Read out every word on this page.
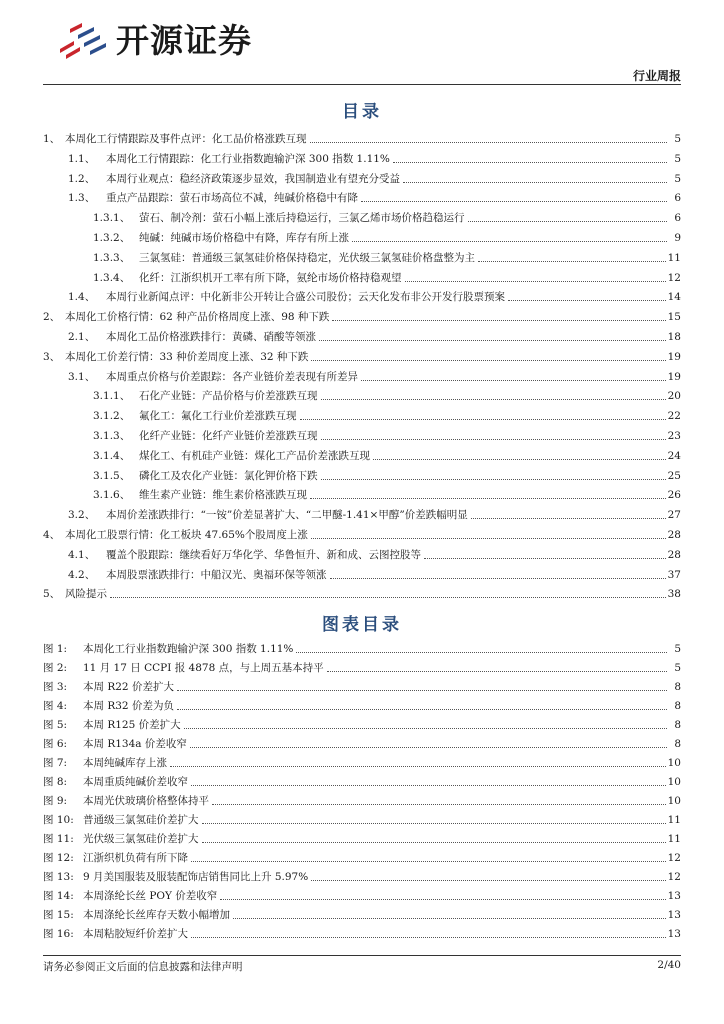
开源证券
行业周报
目录
1、 本周化工行情跟踪及事件点评：化工品价格涨跌互现	5
1.1、	本周化工行情跟踪：化工行业指数跑输沪深 300 指数 1.11%	5
1.2、	本周行业观点：稳经济政策逐步显效，我国制造业有望充分受益	5
1.3、	重点产品跟踪：萤石市场高位不减，纯碱价格稳中有降	6
1.3.1、 萤石、制冷剂：萤石小幅上涨后持稳运行，三氯乙烯市场价格趋稳运行	6
1.3.2、 纯碱：纯碱市场价格稳中有降，库存有所上涨	9
1.3.3、 三氯氢硅：普通级三氯氢硅价格保持稳定，光伏级三氯氢硅价格盘整为主	11
1.3.4、 化纤：江浙织机开工率有所下降，氨纶市场价格持稳观望	12
1.4、	本周行业新闻点评：中化新非公开转让合盛公司股份；云天化发布非公开发行股票预案	14
2、 本周化工价格行情：62 种产品价格周度上涨、98 种下跌	15
2.1、	本周化工品价格涨跌排行：黄磷、硝酸等领涨	18
3、 本周化工价差行情：33 种价差周度上涨、32 种下跌	19
3.1、	本周重点价格与价差跟踪：各产业链价差表现有所差异	19
3.1.1、 石化产业链：产品价格与价差涨跌互现	20
3.1.2、 氟化工：氟化工行业价差涨跌互现	22
3.1.3、 化纤产业链：化纤产业链价差涨跌互现	23
3.1.4、 煤化工、有机硅产业链：煤化工产品价差涨跌互现	24
3.1.5、 磷化工及农化产业链：氯化钾价格下跌	25
3.1.6、 维生素产业链：维生素价格涨跌互现	26
3.2、	本周价差涨跌排行：“一铵”价差显著扩大、“二甲醚-1.41×甲醇”价差跌幅明显	27
4、 本周化工股票行情：化工板块 47.65%个股周度上涨	28
4.1、	覆盖个股跟踪：继续看好万华化学、华鲁恒升、新和成、云图控股等	28
4.2、	本周股票涨跌排行：中船汉光、奥福环保等领涨	37
5、 风险提示	38
图表目录
图 1:	本周化工行业指数跑输沪深 300 指数 1.11%	5
图 2:	11 月 17 日 CCPI 报 4878 点，与上周五基本持平	5
图 3:	本周 R22 价差扩大	8
图 4:	本周 R32 价差为负	8
图 5:	本周 R125 价差扩大	8
图 6:	本周 R134a 价差收窄	8
图 7:	本周纯碱库存上涨	10
图 8:	本周重质纯碱价差收窄	10
图 9:	本周光伏玻璃价格整体持平	10
图 10: 普通级三氯氢硅价差扩大	11
图 11: 光伏级三氯氢硅价差扩大	11
图 12: 江浙织机负荷有所下降	12
图 13: 9 月美国服装及服装配饰店销售同比上升 5.97%	12
图 14: 本周涤纶长丝 POY 价差收窄	13
图 15: 本周涤纶长丝库存天数小幅增加	13
图 16: 本周粘胶短纤价差扩大	13
请务必参阅正文后面的信息披露和法律声明	2/40
